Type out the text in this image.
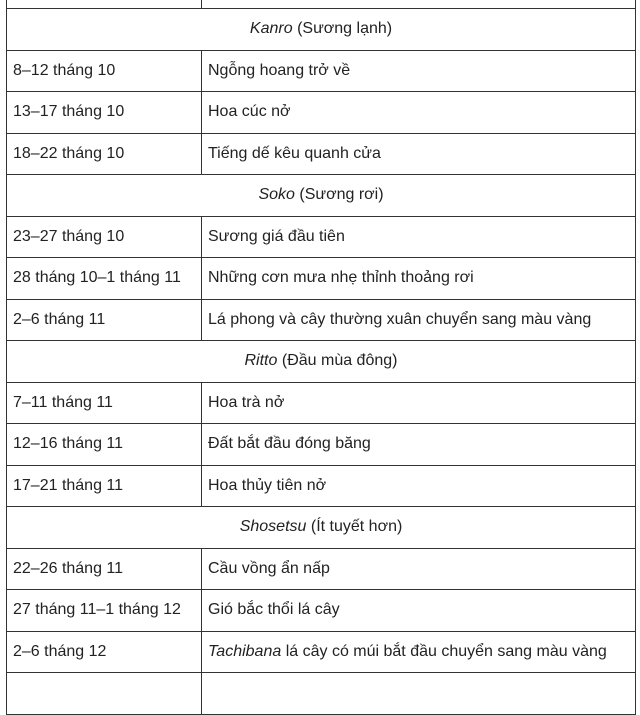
Kanro (Sương lạnh)	
8–12 tháng 10	Ngỗng hoang trở về
13–17 tháng 10	Hoa cúc nở
18–22 tháng 10	Tiếng dế kêu quanh cửa
Soko (Sương rơi)	
23–27 tháng 10	Sương giá đầu tiên
28 tháng 10–1 tháng 11	Những cơn mưa nhẹ thỉnh thoảng rơi
2–6 tháng 11	Lá phong và cây thường xuân chuyển sang màu vàng
Ritto (Đầu mùa đông)	
7–11 tháng 11	Hoa trà nở
12–16 tháng 11	Đất bắt đầu đóng băng
17–21 tháng 11	Hoa thủy tiên nở
Shosetsu (Ít tuyết hơn)	
22–26 tháng 11	Cầu vồng ẩn nấp
27 tháng 11–1 tháng 12	Gió bắc thổi lá cây
2–6 tháng 12	Tachibana lá cây có múi bắt đầu chuyển sang màu vàng
